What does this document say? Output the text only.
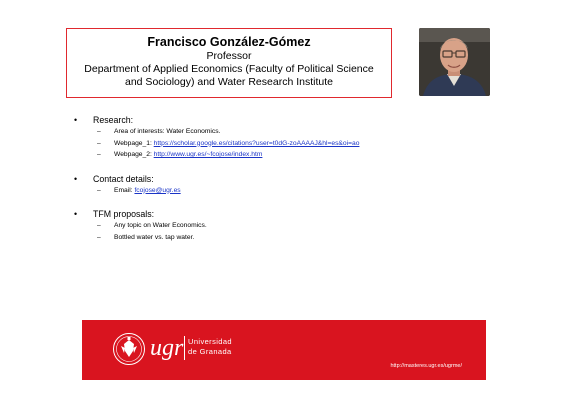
Francisco González-Gómez
Professor
Department of Applied Economics (Faculty of Political Science
and Sociology) and Water Research Institute
• Research:
– Area of interests: Water Economics.
– Webpage_1: https://scholar.google.es/citations?user=t0dG-zoAAAAJ&hl=es&oi=ao
– Webpage_2: http://www.ugr.es/~fcojose/index.htm
• Contact details:
– Email: fcojose@ugr.es
• TFM proposals:
– Any topic on Water Economics.
– Bottled water vs. tap water.
ugr Universidad
de Granada
http://masteres.ugr.es/ugrme/
